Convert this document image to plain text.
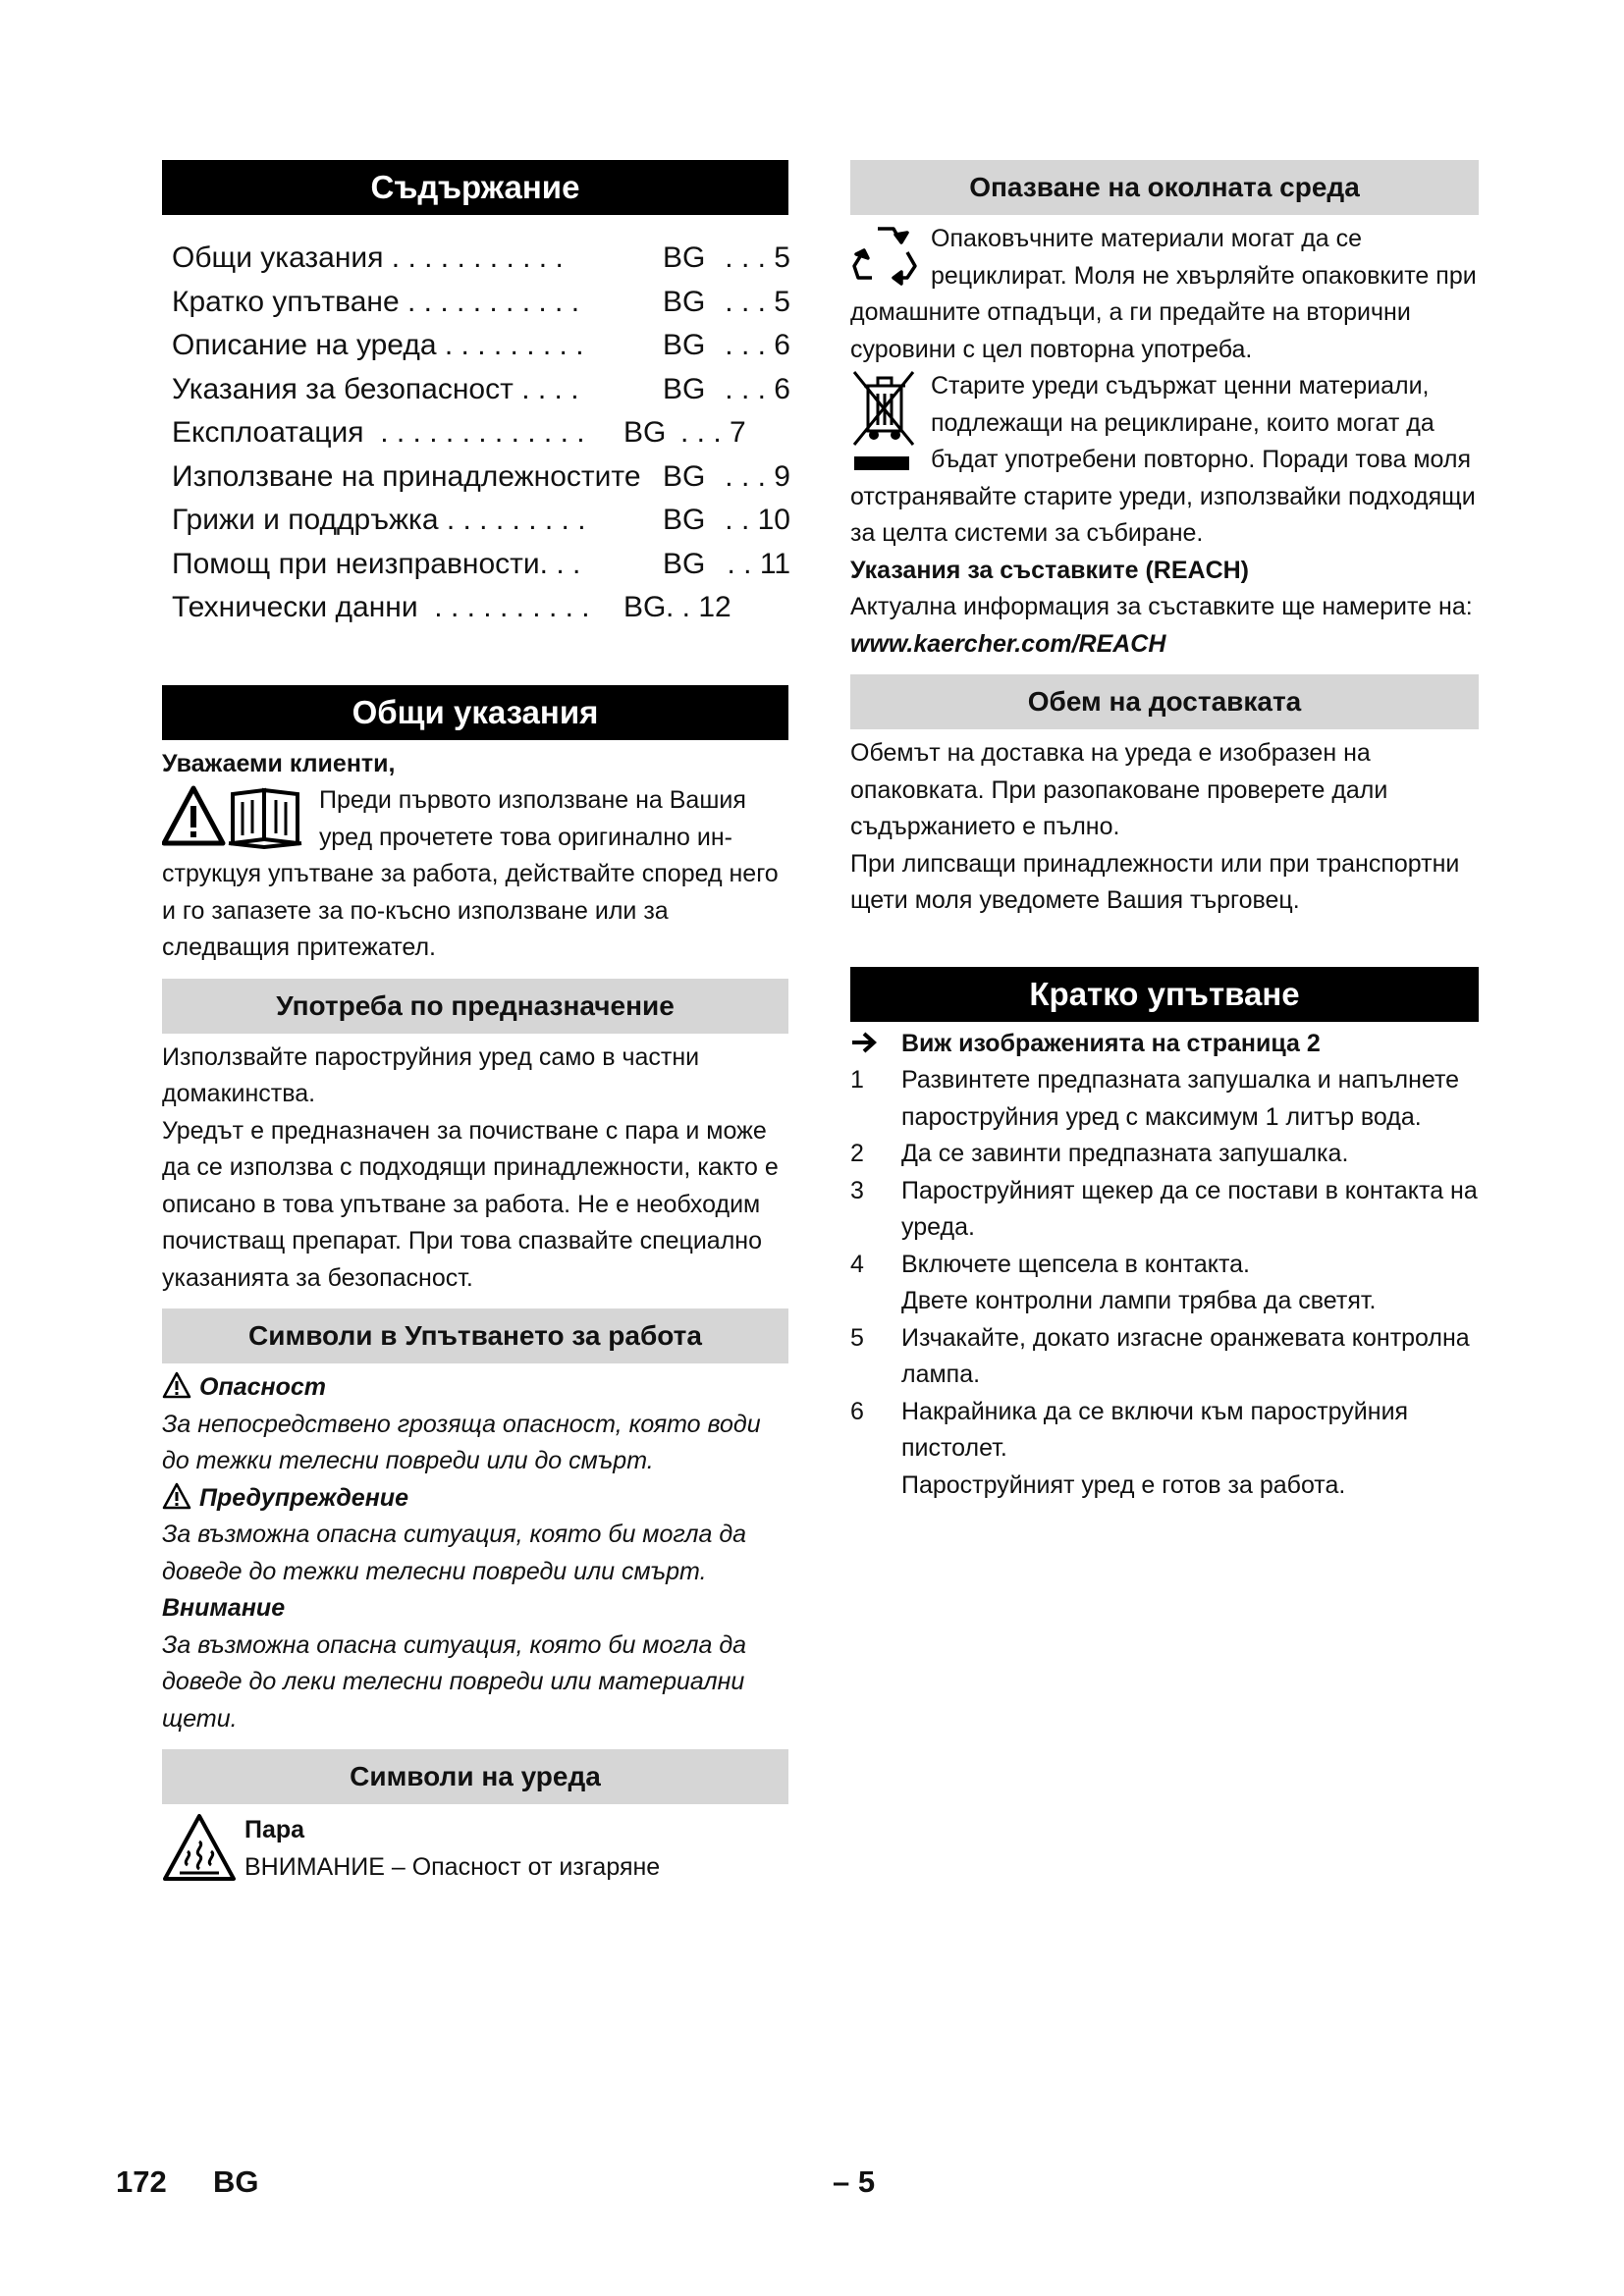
Съдържание
Общи указания . . . . . . . . . . .	BG . . . 5
Кратко упътване . . . . . . . . . . .	BG . . . 5
Описание на уреда . . . . . . . . .	BG . . . 6
Указания за безопасност . . . .	BG . . . 6
Експлоатация  . . . . . . . . . . . . . BG . . . 7
Използване на принадлежностите BG . . . 9
Грижи и поддръжка . . . . . . . . .	BG . . 10
Помощ при неизправности. . .	BG . . 11
Технически данни  . . . . . . . . . . BG . . 12
Общи указания

Уважаеми клиенти,

Преди първото използване на Вашия уред прочетете това оригинално ин-

струкцуя упътване за работа, действайте според него и го запазете за по-късно използване или за следващия притежател.

Употреба по предназначение

Използвайте пароструйния уред само в частни домакинства.

Уредът е предназначен за почистване с пара и може да се използва с подходящи принадлежности, както е описано в това упътване за работа. Не е необходим почистващ препарат. При това спазвайте специално указанията за безопасност.

Символи в Упътването за работа
Опасност

За непосредствено грозяща опасност, която води до тежки телесни повреди или до смърт.

Предупреждение

За възможна опасна ситуация, която би могла да доведе до тежки телесни повреди или смърт.

Внимание

За възможна опасна ситуация, която би могла да доведе до леки телесни повреди или материални щети.

Символи на уреда

Пара

ВНИМАНИЕ – Опасност от изгаряне

Опазване на околната среда

Опаковъчните материали могат да се рециклират. Моля не хвърляйте опаковките при домашните отпадъци, а ги предайте на вторични суровини с цел повторна употреба.

Старите уреди съдържат ценни материали, подлежащи на рециклиране, които могат да бъдат употребени повторно. Поради това моля отстранявайте старите уреди, използвайки подходящи за целта системи за събиране.

Указания за съставките (REACH)

Актуална информация за съставките ще намерите на:

www.kaercher.com/REACH

Обем на доставката

Обемът на доставка на уреда е изобразен на опаковката. При разопаковане проверете дали съдържанието е пълно.

При липсващи принадлежности или при транспортни щети моля уведомете Вашия търговец.

Кратко упътване
Виж изображенията на страница 2
1 Развинтете предпазната запушалка и напълнете пароструйния уред с максимум 1 литър вода.
2 Да се завинти предпазната запушалка.
3 Пароструйният щекер да се постави в контакта на уреда.
4 Включете щепсела в контакта.
Двете контролни лампи трябва да светят.
5 Изчакайте, докато изгасне оранжевата контролна лампа.
6 Накрайника да се включи към пароструйния пистолет.
Пароструйният уред е готов за работа.
172 BG	– 5
